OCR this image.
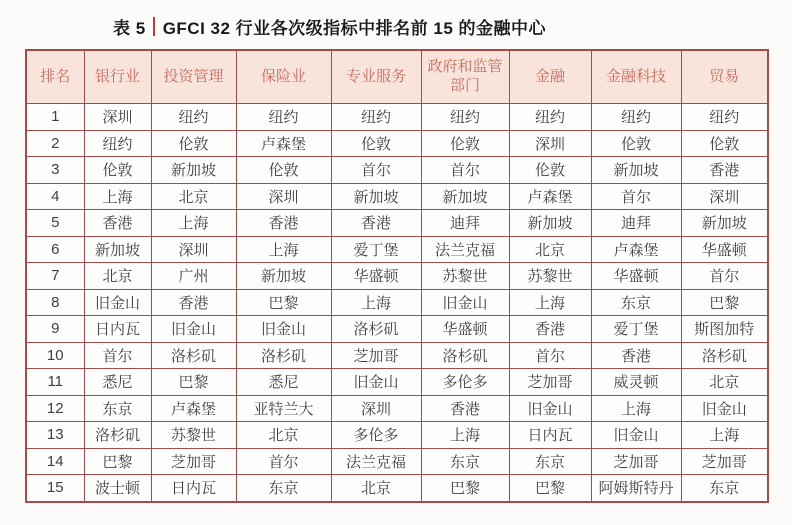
表 5 GFCI 32 行业各次级指标中排名前 15 的金融中心
排名	银行业	投资管理	保险业	专业服务	政府和监管部门	金融	金融科技	贸易
1	深圳	纽约	纽约	纽约	纽约	纽约	纽约	纽约
2	纽约	伦敦	卢森堡	伦敦	伦敦	深圳	伦敦	伦敦
3	伦敦	新加坡	伦敦	首尔	首尔	伦敦	新加坡	香港
4	上海	北京	深圳	新加坡	新加坡	卢森堡	首尔	深圳
5	香港	上海	香港	香港	迪拜	新加坡	迪拜	新加坡
6	新加坡	深圳	上海	爱丁堡	法兰克福	北京	卢森堡	华盛顿
7	北京	广州	新加坡	华盛顿	苏黎世	苏黎世	华盛顿	首尔
8	旧金山	香港	巴黎	上海	旧金山	上海	东京	巴黎
9	日内瓦	旧金山	旧金山	洛杉矶	华盛顿	香港	爱丁堡	斯图加特
10	首尔	洛杉矶	洛杉矶	芝加哥	洛杉矶	首尔	香港	洛杉矶
11	悉尼	巴黎	悉尼	旧金山	多伦多	芝加哥	威灵顿	北京
12	东京	卢森堡	亚特兰大	深圳	香港	旧金山	上海	旧金山
13	洛杉矶	苏黎世	北京	多伦多	上海	日内瓦	旧金山	上海
14	巴黎	芝加哥	首尔	法兰克福	东京	东京	芝加哥	芝加哥
15	波士顿	日内瓦	东京	北京	巴黎	巴黎	阿姆斯特丹	东京
